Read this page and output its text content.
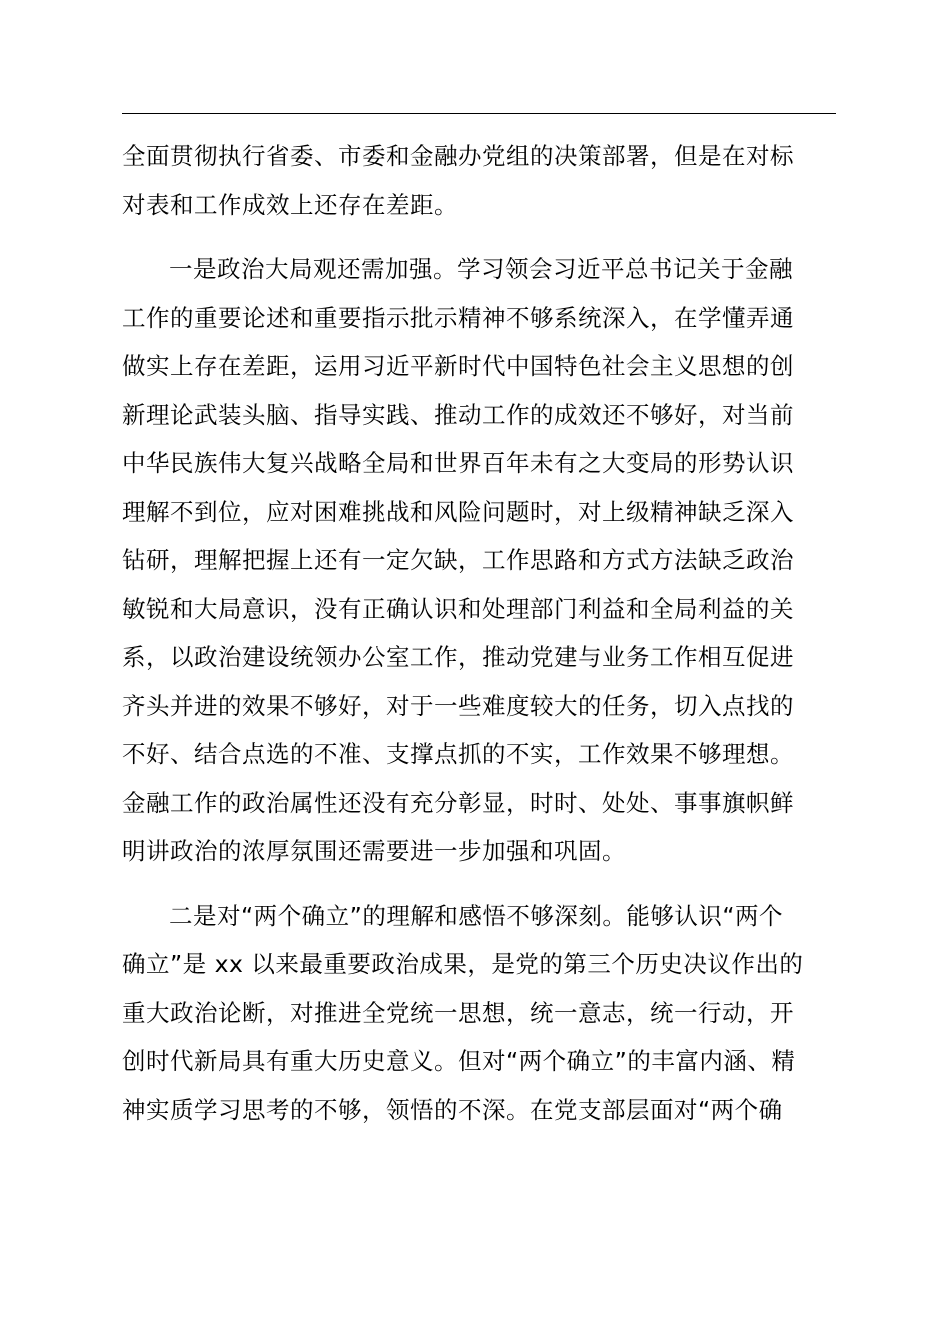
全面贯彻执行省委、市委和金融办党组的决策部署，但是在对标
对表和工作成效上还存在差距。
一是政治大局观还需加强。学习领会习近平总书记关于金融
工作的重要论述和重要指示批示精神不够系统深入，在学懂弄通
做实上存在差距，运用习近平新时代中国特色社会主义思想的创
新理论武装头脑、指导实践、推动工作的成效还不够好，对当前
中华民族伟大复兴战略全局和世界百年未有之大变局的形势认识
理解不到位，应对困难挑战和风险问题时，对上级精神缺乏深入
钻研，理解把握上还有一定欠缺，工作思路和方式方法缺乏政治
敏锐和大局意识，没有正确认识和处理部门利益和全局利益的关
系，以政治建设统领办公室工作，推动党建与业务工作相互促进
齐头并进的效果不够好，对于一些难度较大的任务，切入点找的
不好、结合点选的不准、支撑点抓的不实，工作效果不够理想。
金融工作的政治属性还没有充分彰显，时时、处处、事事旗帜鲜
明讲政治的浓厚氛围还需要进一步加强和巩固。
二是对“两个确立”的理解和感悟不够深刻。能够认识“两个
确立”是 xx 以来最重要政治成果，是党的第三个历史决议作出的
重大政治论断，对推进全党统一思想，统一意志，统一行动，开
创时代新局具有重大历史意义。但对“两个确立”的丰富内涵、精
神实质学习思考的不够，领悟的不深。在党支部层面对“两个确
